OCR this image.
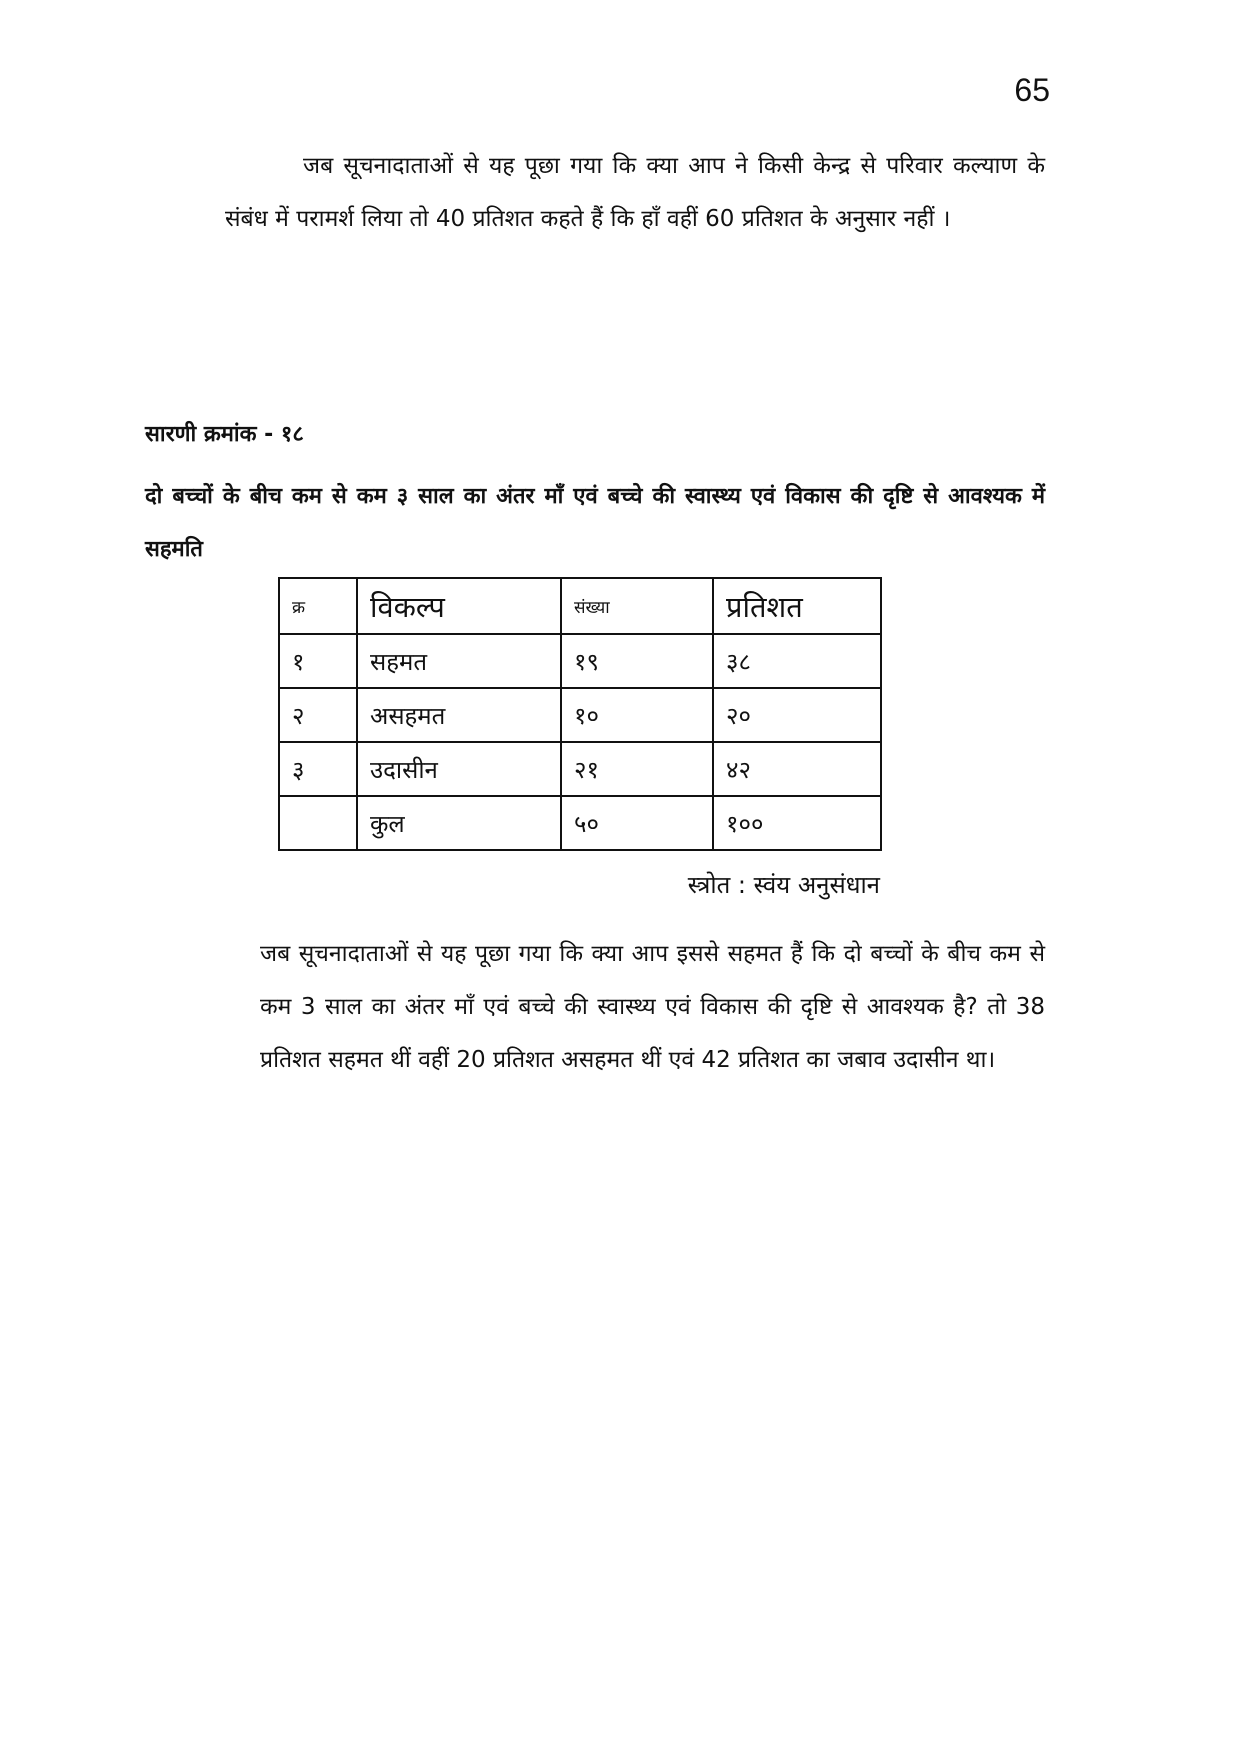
65

जब सूचनादाताओं से यह पूछा गया कि क्या आप ने किसी केन्द्र से परिवार कल्याण के संबंध में परामर्श लिया तो 40 प्रतिशत कहते हैं कि हाँ वहीं 60 प्रतिशत के अनुसार नहीं ।

सारणी क्रमांक - १८

दो बच्चों के बीच कम से कम ३ साल का अंतर माँ एवं बच्चे की स्वास्थ्य एवं विकास की दृष्टि से आवश्यक में सहमति

क्र	विकल्प	संख्या	प्रतिशत
१	सहमत	१९	३८
२	असहमत	१०	२०
३	उदासीन	२१	४२
	कुल	५०	१००

स्त्रोत : स्वंय अनुसंधान

जब सूचनादाताओं से यह पूछा गया कि क्या आप इससे सहमत हैं कि दो बच्चों के बीच कम से कम 3 साल का अंतर माँ एवं बच्चे की स्वास्थ्य एवं विकास की दृष्टि से आवश्यक है? तो 38 प्रतिशत सहमत थीं वहीं 20 प्रतिशत असहमत थीं एवं 42 प्रतिशत का जबाव उदासीन था।
